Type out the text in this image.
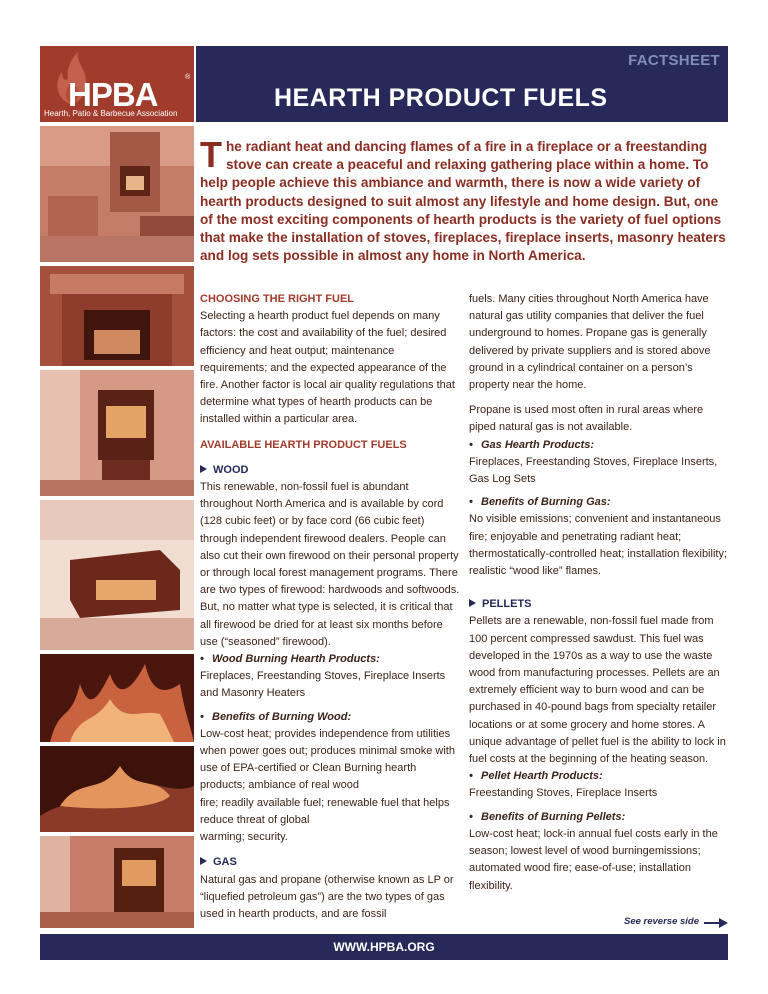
HPBA	®
Hearth, Patio & Barbecue Association
FACTSHEET
HEARTH PRODUCT FUELS
The radiant heat and dancing flames of a fire in a fireplace or a freestanding stove can create a peaceful and relaxing gathering place within a home. To help people achieve this ambiance and warmth, there is now a wide variety of hearth products designed to suit almost any lifestyle and home design. But, one of the most exciting components of hearth products is the variety of fuel options that make the installation of stoves, fireplaces, fireplace inserts, masonry heaters and log sets possible in almost any home in North America.

CHOOSING THE RIGHT FUEL

Selecting a hearth product fuel depends on many factors: the cost and availability of the fuel; desired efficiency and heat output; maintenance requirements; and the expected appearance of the fire. Another factor is local air quality regulations that determine what types of hearth products can be installed within a particular area.

AVAILABLE HEARTH PRODUCT FUELS

WOOD

This renewable, non-fossil fuel is abundant throughout North America and is available by cord (128 cubic feet) or by face cord (66 cubic feet) through independent firewood dealers. People can also cut their own firewood on their personal property or through local forest management programs. There are two types of firewood: hardwoods and softwoods. But, no matter what type is selected, it is critical that all firewood be dried for at least six months before use (“seasoned” firewood).

• Wood Burning Hearth Products:

Fireplaces, Freestanding Stoves, Fireplace Inserts and Masonry Heaters

• Benefits of Burning Wood:

Low-cost heat; provides independence from utilities when power goes out; produces minimal smoke with use of EPA-certified or Clean Burning hearth

products; ambiance of real wood

fire; readily available fuel; renewable fuel that helps reduce threat of global

warming; security.

GAS

Natural gas and propane (otherwise known as LP or “liquefied petroleum gas”) are the two types of gas used in hearth products, and are fossil

fuels. Many cities throughout North America have natural gas utility companies that deliver the fuel underground to homes. Propane gas is generally delivered by private suppliers and is stored above ground in a cylindrical container on a person’s property near the home.

Propane is used most often in rural areas where piped natural gas is not available.

• Gas Hearth Products:

Fireplaces, Freestanding Stoves, Fireplace Inserts, Gas Log Sets

• Benefits of Burning Gas:

No visible emissions; convenient and instantaneous fire; enjoyable and penetrating radiant heat; thermostatically-controlled heat; installation flexibility; realistic “wood like” flames.

PELLETS

Pellets are a renewable, non-fossil fuel made from 100 percent compressed sawdust. This fuel was developed in the 1970s as a way to use the waste wood from manufacturing processes. Pellets are an extremely efficient way to burn wood and can be purchased in 40-pound bags from specialty retailer locations or at some grocery and home stores. A unique advantage of pellet fuel is the ability to lock in fuel costs at the beginning of the heating season.

• Pellet Hearth Products:

Freestanding Stoves, Fireplace Inserts

• Benefits of Burning Pellets:

Low-cost heat; lock-in annual fuel costs early in the season; lowest level of wood burningemissions; automated wood fire; ease-of-use; installation flexibility.

See reverse side
WWW.HPBA.ORG
